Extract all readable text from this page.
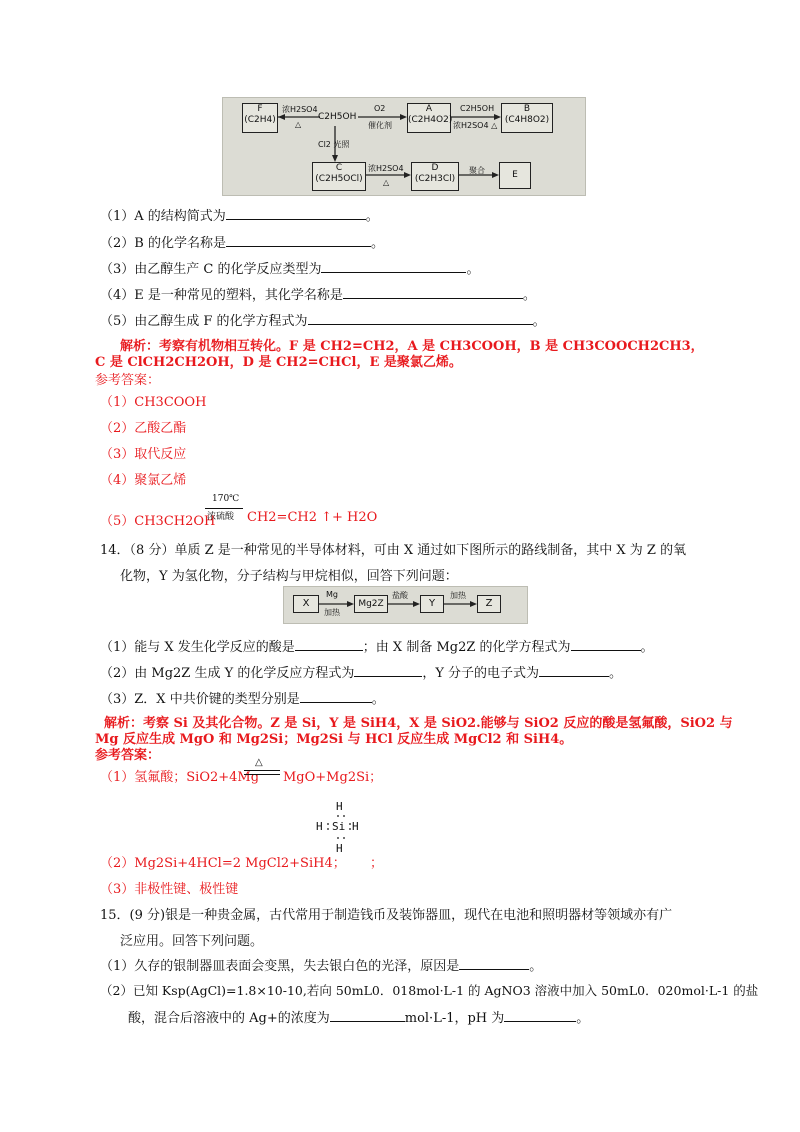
F
(C2H4)	C2H5OH
浓H2SO4
△
O2
催化剂
A
(C2H4O2)
C2H5OH
浓H2SO4 △
B
(C4H8O2)
Cl2 光照
C
(C2H5OCl)
浓H2SO4
△
D
(C2H3Cl)
聚合	E
（1）A 的结构简式为	。
（2）B 的化学名称是	。
（3）由乙醇生产 C 的化学反应类型为	。
（4）E 是一种常见的塑料，其化学名称是	。
（5）由乙醇生成 F 的化学方程式为	。
解析：考察有机物相互转化。F 是 CH2=CH2，A 是 CH3COOH，B 是 CH3COOCH2CH3，
C 是 ClCH2CH2OH，D 是 CH2=CHCl，E 是聚氯乙烯。
参考答案：
（1）CH3COOH
（2）乙酸乙酯
（3）取代反应
（4）聚氯乙烯
（5）CH3CH2OH
170℃
浓硫酸 CH2=CH2 ↑+ H2O
14．（8 分）单质 Z 是一种常见的半导体材料，可由 X 通过如下图所示的路线制备，其中 X 为 Z 的氧
化物，Y 为氢化物，分子结构与甲烷相似，回答下列问题：
X
Mg
加热
Mg2Z
盐酸
Y
加热
Z
（1）能与 X 发生化学反应的酸是	；由 X 制备 Mg2Z 的化学方程式为	。
（2）由 Mg2Z 生成 Y 的化学反应方程式为	，Y 分子的电子式为	。
（3）Z．X 中共价键的类型分别是	。
解析：考察 Si 及其化合物。Z 是 Si，Y 是 SiH4，X 是 SiO2.能够与 SiO2 反应的酸是氢氟酸，SiO2 与
Mg 反应生成 MgO 和 Mg2Si；Mg2Si 与 HCl 反应生成 MgCl2 和 SiH4。
参考答案：
（1）氢氟酸；SiO2+4Mg
△
MgO+Mg2Si；
H
H Si H
H
（2）Mg2Si+4HCl=2 MgCl2+SiH4； ；
（3）非极性键、极性键
15．(9 分)银是一种贵金属，古代常用于制造钱币及装饰器皿，现代在电池和照明器材等领域亦有广
泛应用。回答下列问题。
（1）久存的银制器皿表面会变黑，失去银白色的光泽，原因是	。
（2）已知 Ksp(AgCl)=1.8×10-10,若向 50mL0．018mol·L-1 的 AgNO3 溶液中加入 50mL0．020mol·L-1 的盐
酸，混合后溶液中的 Ag+的浓度为	mol·L-1，pH 为	。
